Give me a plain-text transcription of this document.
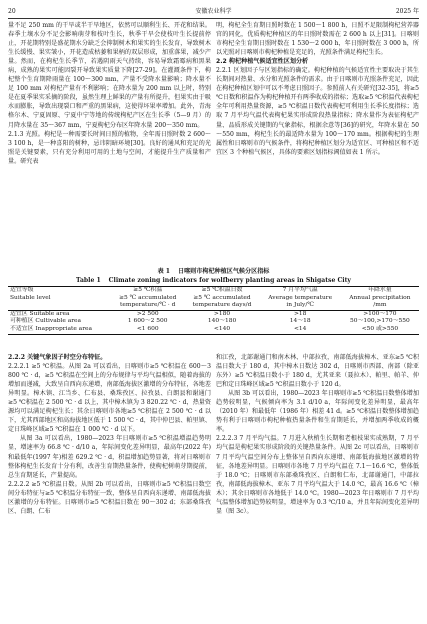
20	安徽农业科学	2025 年

量不足 250 mm 的干旱或半干旱地区，依然可以顺利生长、开花和结果。春季土壤水分不足会影响萌芽和枝叶生长，秋季干旱会使枝叶生长提前停止，开花期特别是盛花期水分缺乏会抑制树木和果实的生长发育，导致树木生长缓慢、果实皱小，开花造成枯萎和果柄的双层形成，加重落果，减少产量。然而，在枸杞生长季节，若遇阴雨天气持续，容易导致霜霉病和黑果病，成熟的果实可能因裂开导致果实质量下降[27-29]。在灌溉条件下，枸杞整个生育期降雨量在 100～300 mm，产量不受降水量影响；降水量不足 100 mm 对枸杞产量有不利影响；在降水量为 200 mm 以上时，特别是在夏季果实采摘的阶段，虽然生理上鲜果的产量有所提升，但果实由于吸水而膨胀，导致出现裂口和严重的黑果病，这使得坏果率增加。此外，青海格尔木、宁夏固原、宁夏中宁等地的传统枸杞产区在生长季（5—9 月）的月降水量在 35～367 mm，宁夏枸杞分布区年降水量 200～350 mm。

2.1.3 光照。枸杞是一种需要长时间日照的植物，全年需日照时数 2 600～3 100 h，是一种喜阳的树种，忌讳阴暗环境[30]。良好的通风和充足的光照是关键要素，只有充分利用可用的土地与空间，才能提升生产质量和产量。研究表

明，枸杞全生育期日照时数在 1 500～1 800 h，日照不足限制枸杞营养器官的同化，优质枸杞种植区的年日照时数需在 2 600 h 以上[31]。日喀则市枸杞全生育期日照时数在 1 530～2 000 h，年日照时数在 3 000 h，所以光照对日喀则市枸杞种植是充足的，光照条件满足枸杞生长。

2.2 枸杞种植气候适宜性区划分析

2.2.1 区划因子与区划指标的确定。枸杞种植的气候适宜性主要取决于其生长期间对热量、水分和光照条件的需求。由于日喀则市光照条件充足，因此在枸杞种植区划中可以不考虑日照因子。参照前人有关研究[32-35]，将≥5 ℃日数和积温作为枸杞种植开有两季收成的指标；选取≥5 ℃积温代表枸杞全年可利用热量资源，≥5 ℃积温日数代表枸杞可利用生长季长度指标；选取 7 月平均气温代表枸杞果实形成阶段热量指标；降水量作为表征枸杞产量、品质形成关键期的气象指标，根据余意等[36]的研究，年降水量在 50～550 mm，枸杞生长的最适降水量为 100～170 mm。根据枸杞的生理属性和日喀则市的气候条件，将枸杞种植区划分为适宜区、可种植区和不适宜区 3 个种植气候区，具体的要素区划指标阈值如表 1 所示。

表 1 日喀则市枸杞种植区气候分区指标
Table 1 Climate zoning indicators for wolfberry planting areas in Shigatse City
适宜等级	≥5 ℃积温	≥5 ℃积温日数	7 月平均气温	年降水量
Suitable level	≥5 ℃ accumulated	≥5 ℃ accumulated	Average temperature	Annual precipitation
	temperature/℃ · d	temperature days/d	in July/℃	/mm
适宜区 Suitable area	>2 500	>180	>18	>100～170
可种植区 Cultivable area	1 600～2 500	140～180	14～18	50～100,>170～550
不适宜区 Inappropriate area	<1 600	<140	<14	<50 或>550

2.2.2 关键气象因子时空分布特征。

2.2.2.1 ≥5 ℃积温。从图 2a 可以看出，日喀则市≥5 ℃积温在 600～3 800 ℃ · d，≥5 ℃积温在空间上的分布规律与平均气温相似，随着海拔的增加而递减，大致呈自西向东递增，南部低海拔区激增的分布特征，各地差异明显。樟木镇、江当乡、仁布县、桑珠孜区、拉孜县、白朗县和谢通门≥5 ℃积温在 2 500 ℃ · d 以上，其中樟木镇为 3 820.22 ℃ · d，热量资源均可以满足枸杞生长；其余日喀则市各地≥5 ℃积温在 2 500 ℃ · d 以下，尤其西部地区和高海拔地区低于 1 500 ℃ · d，其中仲巴县、帕里镇、定日珠峰区域≥5 ℃积温在 1 000 ℃ · d 以下。

从图 3a 可以看出，1980—2023 年日喀则市≥5 ℃积温增温趋势明显，增速率为 66.8 ℃ · d/10 a，年际间变化差异明显，最高年(2022 年)和最低年(1997 年)相差 629.2 ℃ · d，积温增加趋势显著，将对日喀则市整体枸杞生长发育十分有利，改善生育期热量条件，使枸杞树萌芽期提前，总生育期延长，产量提高。

2.2.2.2 ≥5 ℃积温日数。从图 2b 可以看出，日喀则市≥5 ℃积温日数空间分布特征与≥5 ℃积温分布特征一致，整体呈自西向东递增、南部低海拔区激增的分布特征。日喀则市≥5 ℃积温日数在 90～302 d；东部桑珠孜区、白朗、仁布

和江孜，北部谢通门和南木林、中部拉孜，南部低海拔樟木、亚东≥5 ℃积温日数大于 180 d，其中樟木日数达 302 d，日喀则市西部、南部（除亚东外）≥5 ℃积温日数小于 180 d，尤其亚来（聂拉木）、帕里、帕羊、仲巴和定日珠峰区域≥5 ℃积温日数小于 120 d。

从图 3b 可以看出，1980—2023 年日喀则市≥5 ℃积温日数整体增加趋势较明显，气候倾向率为 3.1 d/10 a，年际间变化差异明显，最高年（2010 年）和最低年（1986 年）相差 41 d。≥5 ℃积温日数整体增加趋势有利于日喀则市枸杞种植热量条件和生育期延长，并增加两季收成的概率。

2.2.2.3 7 月平均气温。7 月进入秋梢生长期和老根枝果实成熟期，7 月平均气温是枸杞果实形成阶段的关键热量条件。从图 2c 可以看出，日喀则市 7 月平均气温空间分布上整体呈自西向东递增、南部低海拔地区激增的特征，各地差异明显。日喀则市各地 7 月平均气温在 7.1～16.6 ℃，整体低于 18.0 ℃；日喀则市东部桑珠孜区、白朗和仁布，北部谢通门，中部拉孜，南部低海拔樟木、亚东 7 月平均气温大于 14.0 ℃，最高 16.6 ℃（樟木）；其余日喀则市各地低于 14.0 ℃。1980—2023 年日喀则市 7 月平均气温整体增加趋势较明显，增速率为 0.3 ℃/10 a，并且年际间变化差异明显（图 3c）。
